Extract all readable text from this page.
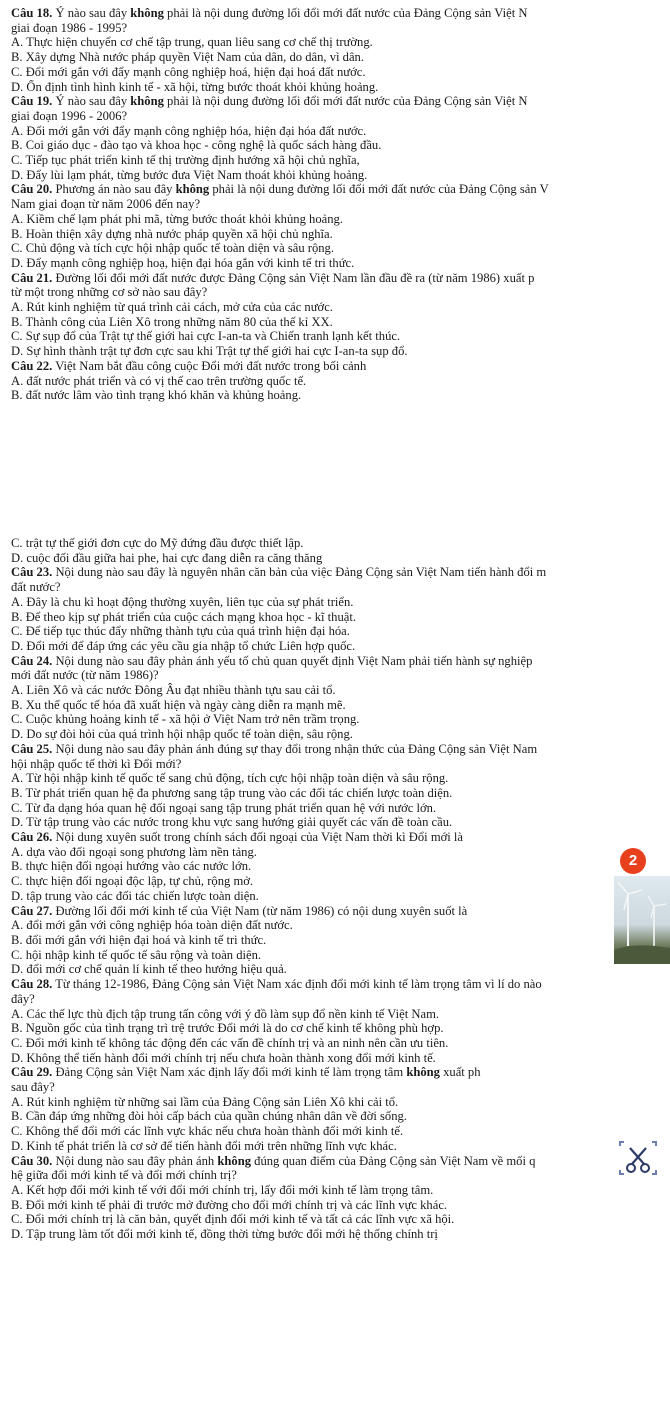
Câu 18. Ý nào sau đây không phải là nội dung đường lối đổi mới đất nước của Đảng Cộng sản Việt N
giai đoạn 1986 - 1995?
A. Thực hiện chuyển cơ chế tập trung, quan liêu sang cơ chế thị trường.
B. Xây dựng Nhà nước pháp quyền Việt Nam của dân, do dân, vì dân.
C. Đổi mới gắn với đẩy mạnh công nghiệp hoá, hiện đại hoá đất nước.
D. Ổn định tình hình kinh tế - xã hội, từng bước thoát khỏi khủng hoảng.
Câu 19. Ý nào sau đây không phải là nội dung đường lối đổi mới đất nước của Đảng Cộng sản Việt N
giai đoạn 1996 - 2006?
A. Đổi mới gắn với đẩy mạnh công nghiệp hóa, hiện đại hóa đất nước.
B. Coi giáo dục - đào tạo và khoa học - công nghệ là quốc sách hàng đầu.
C. Tiếp tục phát triển kinh tế thị trường định hướng xã hội chủ nghĩa,
D. Đẩy lùi lạm phát, từng bước đưa Việt Nam thoát khỏi khủng hoảng.
Câu 20. Phương án nào sau đây không phải là nội dung đường lối đổi mới đất nước của Đảng Cộng sản V
Nam giai đoạn từ năm 2006 đến nay?
A. Kiềm chế lạm phát phi mã, từng bước thoát khỏi khủng hoảng.
B. Hoàn thiện xây dựng nhà nước pháp quyền xã hội chủ nghĩa.
C. Chủ động và tích cực hội nhập quốc tế toàn diện và sâu rộng.
D. Đẩy mạnh công nghiệp hoạ, hiện đại hóa gắn với kinh tế tri thức.
Câu 21. Đường lối đổi mới đất nước được Đảng Cộng sản Việt Nam lần đầu đề ra (từ năm 1986) xuất p
từ một trong những cơ sở nào sau đây?
A. Rút kinh nghiệm từ quá trình cải cách, mở cửa của các nước.
B. Thành công của Liên Xô trong những năm 80 của thế kỉ XX.
C. Sự sụp đổ của Trật tự thế giới hai cực I-an-ta và Chiến tranh lạnh kết thúc.
D. Sự hình thành trật tự đơn cực sau khi Trật tự thế giới hai cực I-an-ta sụp đổ.
Câu 22. Việt Nam bắt đầu công cuộc Đổi mới đất nước trong bối cảnh
A. đất nước phát triển và có vị thế cao trên trường quốc tế.
B. đất nước lâm vào tình trạng khó khăn và khủng hoảng.
C. trật tự thế giới đơn cực do Mỹ đứng đầu được thiết lập.
D. cuộc đối đầu giữa hai phe, hai cực đang diễn ra căng thăng
Câu 23. Nội dung nào sau đây là nguyên nhân căn bản của việc Đảng Cộng sản Việt Nam tiến hành đổi m
đất nước?
A. Đây là chu kì hoạt động thường xuyên, liên tục của sự phát triển.
B. Để theo kịp sự phát triển của cuộc cách mạng khoa học - kĩ thuật.
C. Để tiếp tục thúc đẩy những thành tựu của quá trình hiện đại hóa.
D. Đổi mới để đáp ứng các yêu cầu gia nhập tổ chức Liên hợp quốc.
Câu 24. Nội dung nào sau đây phản ánh yếu tố chủ quan quyết định Việt Nam phải tiến hành sự nghiệp
mới đất nước (từ năm 1986)?
A. Liên Xô và các nước Đông Âu đạt nhiều thành tựu sau cải tổ.
B. Xu thế quốc tế hóa đã xuất hiện và ngày càng diễn ra mạnh mẽ.
C. Cuộc khủng hoảng kinh tế - xã hội ở Việt Nam trở nên trầm trọng.
D. Do sự đòi hỏi của quá trình hội nhập quốc tế toàn diện, sâu rộng.
Câu 25. Nội dung nào sau đây phản ánh đúng sự thay đổi trong nhận thức của Đảng Cộng sản Việt Nam
hội nhập quốc tế thời kì Đổi mới?
A. Từ hội nhập kinh tế quốc tế sang chủ động, tích cực hội nhập toàn diện và sâu rộng.
B. Từ phát triển quan hệ đa phương sang tập trung vào các đối tác chiến lược toàn diện.
C. Từ đa dạng hóa quan hệ đối ngoại sang tập trung phát triển quan hệ với nước lớn.
D. Từ tập trung vào các nước trong khu vực sang hướng giải quyết các vấn đề toàn cầu.
Câu 26. Nội dung xuyên suốt trong chính sách đối ngoại của Việt Nam thời kì Đổi mới là
A. dựa vào đối ngoại song phương làm nền tảng.
B. thực hiện đối ngoại hướng vào các nước lớn.
C. thực hiện đối ngoại độc lập, tự chủ, rộng mở.
D. tập trung vào các đối tác chiến lược toàn diện.
Câu 27. Đường lối đổi mới kinh tế của Việt Nam (từ năm 1986) có nội dung xuyên suốt là
A. đổi mới gắn với công nghiệp hóa toàn diện đất nước.
B. đổi mới gắn với hiện đại hoá và kinh tế tri thức.
C. hội nhập kinh tế quốc tế sâu rộng và toàn diện.
D. đổi mới cơ chế quản lí kinh tế theo hướng hiệu quả.
Câu 28. Từ tháng 12-1986, Đảng Cộng sản Việt Nam xác định đổi mới kinh tế làm trọng tâm vì lí do nào
đây?
A. Các thế lực thù địch tập trung tấn công với ý đồ làm sụp đổ nền kinh tế Việt Nam.
B. Nguồn gốc của tình trạng trì trệ trước Đổi mới là do cơ chế kinh tế không phù hợp.
C. Đổi mới kinh tế không tác động đến các vấn đề chính trị và an ninh nên cần ưu tiên.
D. Không thể tiến hành đổi mới chính trị nếu chưa hoàn thành xong đổi mới kinh tế.
Câu 29. Đảng Cộng sản Việt Nam xác định lấy đổi mới kinh tế làm trọng tâm không xuất ph
sau đây?
A. Rút kinh nghiệm từ những sai lầm của Đảng Cộng sản Liên Xô khi cải tổ.
B. Cần đáp ứng những đòi hỏi cấp bách của quần chúng nhân dân về đời sống.
C. Không thể đổi mới các lĩnh vực khác nếu chưa hoàn thành đổi mới kinh tế.
D. Kinh tế phát triển là cơ sở để tiến hành đổi mới trên những lĩnh vực khác.
Câu 30. Nội dung nào sau đây phản ánh không đúng quan điểm của Đảng Cộng sản Việt Nam về mối q
hệ giữa đổi mới kinh tế và đổi mới chính trị?
A. Kết hợp đổi mới kinh tế với đổi mới chính trị, lấy đổi mới kinh tế làm trọng tâm.
B. Đổi mới kinh tế phải đi trước mở đường cho đổi mới chính trị và các lĩnh vực khác.
C. Đổi mới chính trị là căn bản, quyết định đổi mới kinh tế và tất cả các lĩnh vực xã hội.
D. Tập trung làm tốt đổi mới kinh tế, đồng thời từng bước đổi mới hệ thống chính trị
2
